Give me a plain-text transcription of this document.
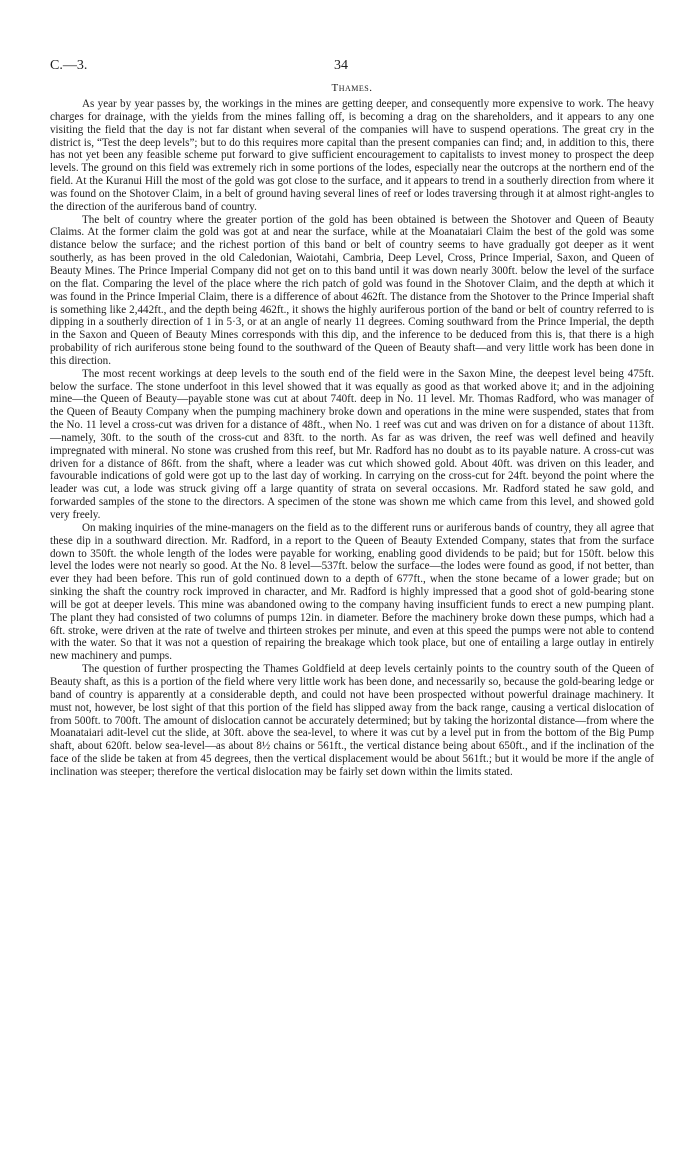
C.—3.	34
Thames.

As year by year passes by, the workings in the mines are getting deeper, and consequently more expensive to work. The heavy charges for drainage, with the yields from the mines falling off, is becoming a drag on the shareholders, and it appears to any one visiting the field that the day is not far distant when several of the companies will have to suspend operations. The great cry in the district is, “Test the deep levels”; but to do this requires more capital than the present companies can find; and, in addition to this, there has not yet been any feasible scheme put forward to give sufficient encouragement to capitalists to invest money to prospect the deep levels. The ground on this field was extremely rich in some portions of the lodes, especially near the outcrops at the northern end of the field. At the Kuranui Hill the most of the gold was got close to the surface, and it appears to trend in a southerly direction from where it was found on the Shotover Claim, in a belt of ground having several lines of reef or lodes traversing through it at almost right-angles to the direction of the auriferous band of country.

The belt of country where the greater portion of the gold has been obtained is between the Shotover and Queen of Beauty Claims. At the former claim the gold was got at and near the surface, while at the Moanataiari Claim the best of the gold was some distance below the surface; and the richest portion of this band or belt of country seems to have gradually got deeper as it went southerly, as has been proved in the old Caledonian, Waiotahi, Cambria, Deep Level, Cross, Prince Imperial, Saxon, and Queen of Beauty Mines. The Prince Imperial Company did not get on to this band until it was down nearly 300ft. below the level of the surface on the flat. Comparing the level of the place where the rich patch of gold was found in the Shotover Claim, and the depth at which it was found in the Prince Imperial Claim, there is a difference of about 462ft. The distance from the Shotover to the Prince Imperial shaft is something like 2,442ft., and the depth being 462ft., it shows the highly auriferous portion of the band or belt of country referred to is dipping in a southerly direction of 1 in 5·3, or at an angle of nearly 11 degrees. Coming southward from the Prince Imperial, the depth in the Saxon and Queen of Beauty Mines corresponds with this dip, and the inference to be deduced from this is, that there is a high probability of rich auriferous stone being found to the southward of the Queen of Beauty shaft—and very little work has been done in this direction.

The most recent workings at deep levels to the south end of the field were in the Saxon Mine, the deepest level being 475ft. below the surface. The stone underfoot in this level showed that it was equally as good as that worked above it; and in the adjoining mine—the Queen of Beauty—payable stone was cut at about 740ft. deep in No. 11 level. Mr. Thomas Radford, who was manager of the Queen of Beauty Company when the pumping machinery broke down and operations in the mine were suspended, states that from the No. 11 level a cross-cut was driven for a distance of 48ft., when No. 1 reef was cut and was driven on for a distance of about 113ft.—namely, 30ft. to the south of the cross-cut and 83ft. to the north. As far as was driven, the reef was well defined and heavily impregnated with mineral. No stone was crushed from this reef, but Mr. Radford has no doubt as to its payable nature. A cross-cut was driven for a distance of 86ft. from the shaft, where a leader was cut which showed gold. About 40ft. was driven on this leader, and favourable indications of gold were got up to the last day of working. In carrying on the cross-cut for 24ft. beyond the point where the leader was cut, a lode was struck giving off a large quantity of strata on several occasions. Mr. Radford stated he saw gold, and forwarded samples of the stone to the directors. A specimen of the stone was shown me which came from this level, and showed gold very freely.

On making inquiries of the mine-managers on the field as to the different runs or auriferous bands of country, they all agree that these dip in a southward direction. Mr. Radford, in a report to the Queen of Beauty Extended Company, states that from the surface down to 350ft. the whole length of the lodes were payable for working, enabling good dividends to be paid; but for 150ft. below this level the lodes were not nearly so good. At the No. 8 level—537ft. below the surface—the lodes were found as good, if not better, than ever they had been before. This run of gold continued down to a depth of 677ft., when the stone became of a lower grade; but on sinking the shaft the country rock improved in character, and Mr. Radford is highly impressed that a good shot of gold-bearing stone will be got at deeper levels. This mine was abandoned owing to the company having insufficient funds to erect a new pumping plant. The plant they had consisted of two columns of pumps 12in. in diameter. Before the machinery broke down these pumps, which had a 6ft. stroke, were driven at the rate of twelve and thirteen strokes per minute, and even at this speed the pumps were not able to contend with the water. So that it was not a question of repairing the breakage which took place, but one of entailing a large outlay in entirely new machinery and pumps.

The question of further prospecting the Thames Goldfield at deep levels certainly points to the country south of the Queen of Beauty shaft, as this is a portion of the field where very little work has been done, and necessarily so, because the gold-bearing ledge or band of country is apparently at a considerable depth, and could not have been prospected without powerful drainage machinery. It must not, however, be lost sight of that this portion of the field has slipped away from the back range, causing a vertical dislocation of from 500ft. to 700ft. The amount of dislocation cannot be accurately determined; but by taking the horizontal distance—from where the Moanataiari adit-level cut the slide, at 30ft. above the sea-level, to where it was cut by a level put in from the bottom of the Big Pump shaft, about 620ft. below sea-level—as about 8½ chains or 561ft., the vertical distance being about 650ft., and if the inclination of the face of the slide be taken at from 45 degrees, then the vertical displacement would be about 561ft.; but it would be more if the angle of inclination was steeper; therefore the vertical dislocation may be fairly set down within the limits stated.
